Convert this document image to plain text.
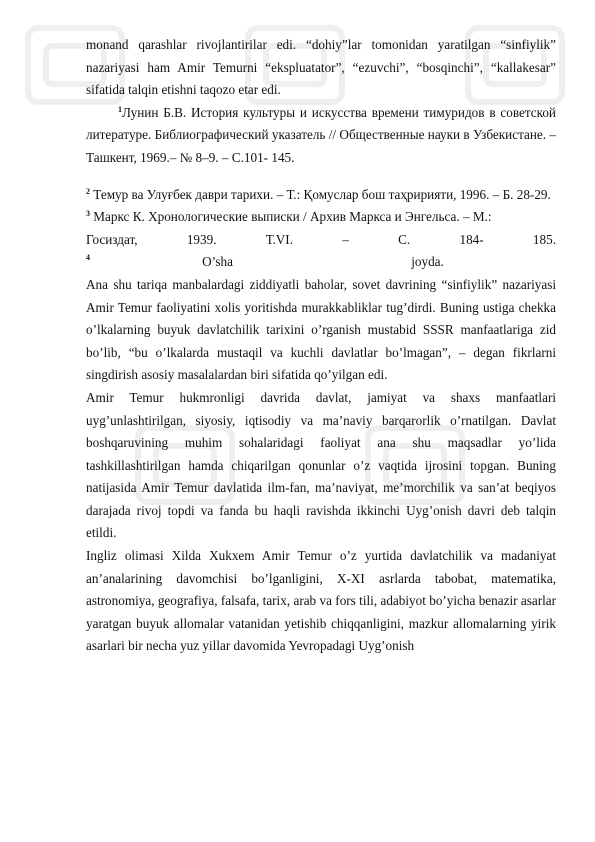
monand qarashlar rivojlantirilar edi. “dohiy”lar tomonidan yaratilgan “sinfiylik” nazariyasi ham Amir Temurni “ekspluatator”, “ezuvchi”, “bosqinchi”, “kallakesar” sifatida talqin etishni taqozo etar edi.

$^1$Лунин Б.В. История культуры и искусства времени тимуридов в советской литературе. Библиографический указатель // Общественные науки в Узбекистане. – Ташкент, 1969.– № 8–9. – С.101- 145.

$^2$ Темур ва Улуғбек даври тарихи. – Т.: Қомуслар бош таҳририяти, 1996. – Б. 28-29.

$^3$ Маркс К. Хронологические выписки / Архив Маркса и Энгельса. – М.:

Госиздат, 1939. Т.VI. – С. 184- 185.

4	O’sha joyda.

Ana shu tariqa manbalardagi ziddiyatli baholar, sovet davrining “sinfiylik” nazariyasi Amir Temur faoliyatini xolis yoritishda murakkabliklar tug’dirdi. Buning ustiga chekka o’lkalarning buyuk davlatchilik tarixini o’rganish mustabid SSSR manfaatlariga zid bo’lib, “bu o’lkalarda mustaqil va kuchli davlatlar bo’lmagan”, – degan fikrlarni singdirish asosiy masalalardan biri sifatida qo’yilgan edi.

Amir Temur hukmronligi davrida davlat, jamiyat va shaxs manfaatlari uyg’unlashtirilgan, siyosiy, iqtisodiy va ma’naviy barqarorlik o’rnatilgan. Davlat boshqaruvining muhim sohalaridagi faoliyat ana shu maqsadlar yo’lida tashkillashtirilgan hamda chiqarilgan qonunlar o’z vaqtida ijrosini topgan. Buning natijasida Amir Temur davlatida ilm-fan, ma’naviyat, me’morchilik va san’at beqiyos darajada rivoj topdi va fanda bu haqli ravishda ikkinchi Uyg’onish davri deb talqin etildi.

Ingliz olimasi Xilda Xukxem Amir Temur o’z yurtida davlatchilik va madaniyat an’analarining davomchisi bo’lganligini, X-XI asrlarda tabobat, matematika, astronomiya, geografiya, falsafa, tarix, arab va fors tili, adabiyot bo’yicha benazir asarlar yaratgan buyuk allomalar vatanidan yetishib chiqqanligini, mazkur allomalarning yirik asarlari bir necha yuz yillar davomida Yevropadagi Uyg’onish
